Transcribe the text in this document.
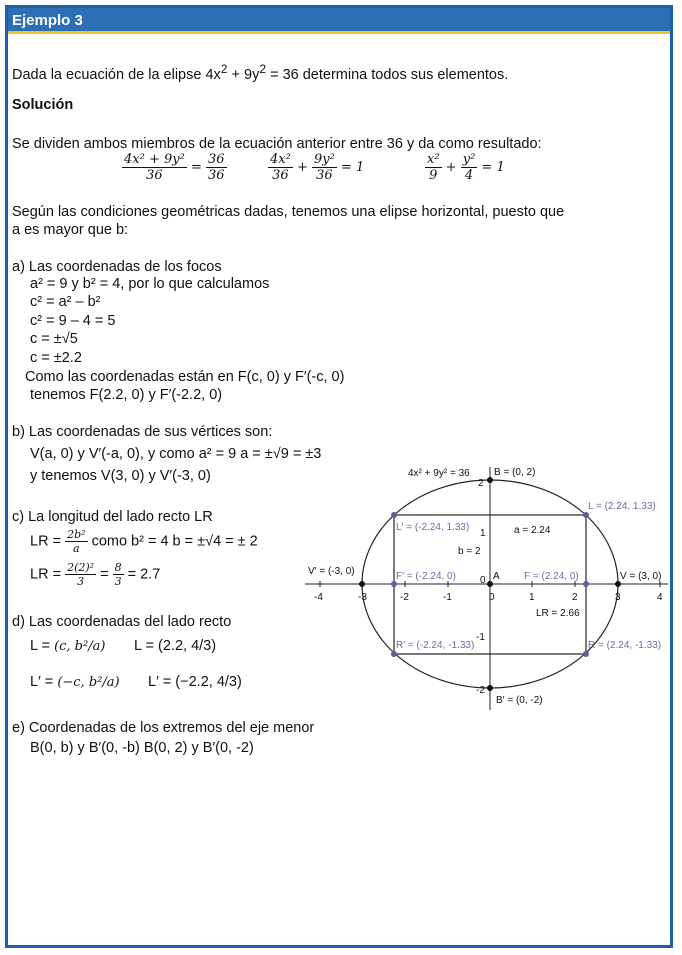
Ejemplo 3
Dada la ecuación de la elipse $4x^2 + 9y^2 = 36$ determina todos sus elementos.
Solución
Se dividen ambos miembros de la ecuación anterior entre 36 y da como resultado:
$\frac{\text{4x² + 9y²}}{36} = \frac{36}{36}$	$\frac{\text{4x²}}{36} + \frac{\text{9y²}}{36} = 1$	$\frac{\text{x²}}{9} + \frac{\text{y²}}{4} = 1$
Según las condiciones geométricas dadas, tenemos una elipse horizontal, puesto que
a es mayor que b:
a) Las coordenadas de los focos
a² = 9 y b² = 4, por lo que calculamos
c² = a² – b²
c² = 9 – 4 = 5
c = ±√5
c = ±2.2
Como las coordenadas están en F(c, 0) y F′(-c, 0)
tenemos F(2.2, 0) y F′(-2.2, 0)
b) Las coordenadas de sus vértices son:
V(a, 0) y V′(-a, 0), y como a² = 9 a = ±√9 = ±3
y tenemos V(3, 0) y V′(-3, 0)
c) La longitud del lado recto LR
LR = $\frac{\text{2b²}}{a}$ como b² = 4 b = ±√4 = ± 2
LR = $\frac{\text{2(2)²}}{3} = \frac{8}{3} = 2.7$
d) Las coordenadas del lado recto
L = (c, b²/a) L = (2.2, 4/3)
L′ = (−c, b²/a) L′ = (−2.2, 4/3)
e) Coordenadas de los extremos del eje menor
B(0, b) y B′(0, -b) B(0, 2) y B′(0, -2)
-4	-3	-2	-1	0	1	2	3	4
2
1
-1
-2
0
4x² + 9y² = 36 B = (0, 2)
B′ = (0, -2)
L = (2.24, 1.33)
L′ = (-2.24, 1.33)
R = (2.24, -1.33)
R′ = (-2.24, -1.33)
F = (2.24, 0)
F′ = (-2.24, 0)	V = (3, 0)
V′ = (-3, 0)
a = 2.24
b = 2
LR = 2.66
A
